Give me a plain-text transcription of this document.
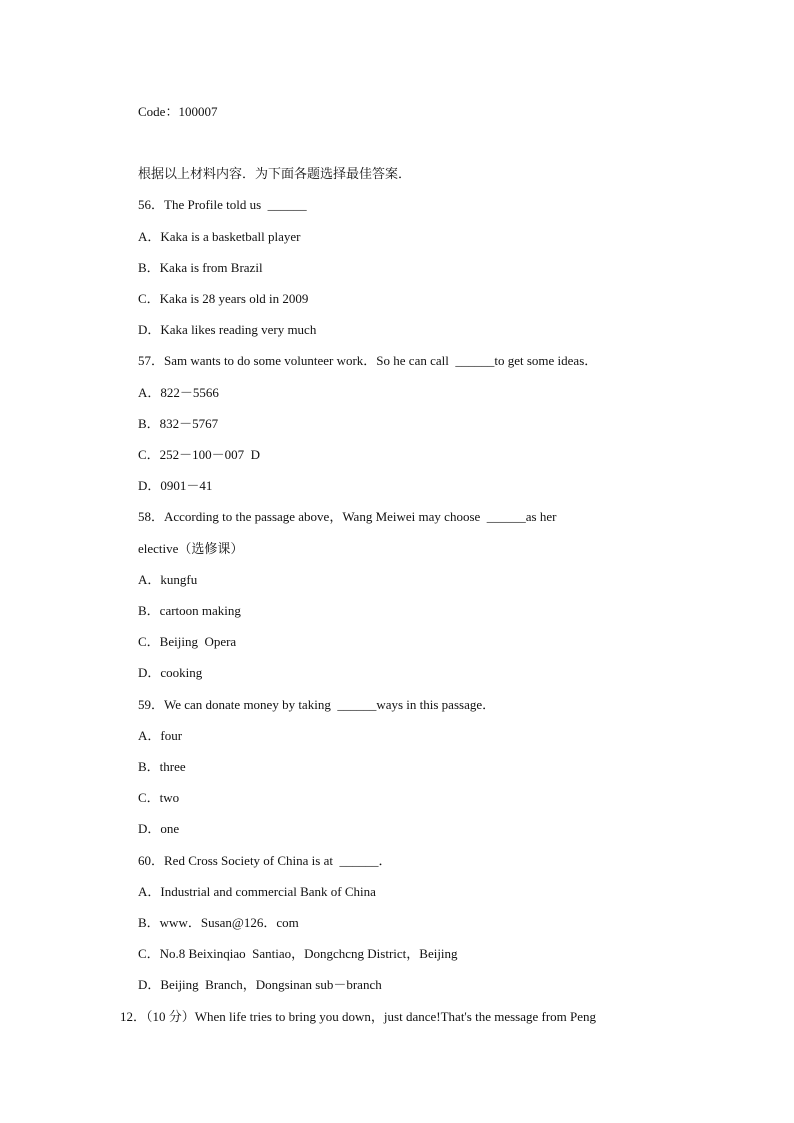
Code：100007
根据以上材料内容．为下面各题选择最佳答案．
56．The Profile told us  ______
A．Kaka is a basketball player
B．Kaka is from Brazil
C．Kaka is 28 years old in 2009
D．Kaka likes reading very much
57．Sam wants to do some volunteer work．So he can call  ______to get some ideas．
A．822－5566
B．832－5767
C．252－100－007  D
D．0901－41
58．According to the passage above，Wang Meiwei may choose  ______as her
elective（选修课）
A．kungfu
B．cartoon making
C．Beijing  Opera
D．cooking
59．We can donate money by taking  ______ways in this passage．
A．four
B．three
C．two
D．one
60．Red Cross Society of China is at  ______．
A．Industrial and commercial Bank of China
B．www．Susan@126．com
C．No.8 Beixinqiao  Santiao，Dongchcng District，Beijing
D．Beijing  Branch，Dongsinan sub－branch
12．（10 分）When life tries to bring you down，just dance!That's the message from Peng
